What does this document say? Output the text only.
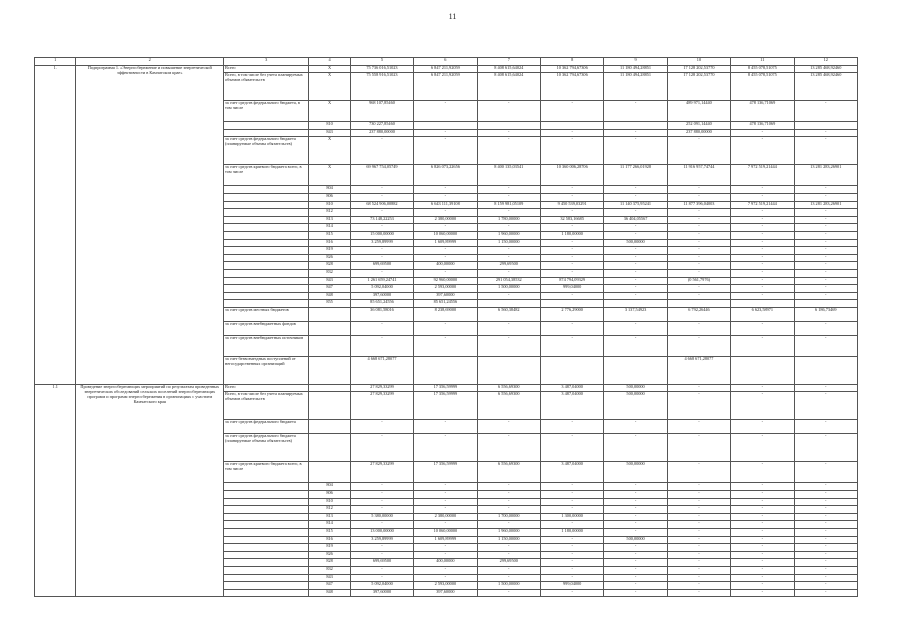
11
1	2	3	4	5	6	7	8	9	10	11	12
1.	Подпрограмма 1. «Энергосбережение и повышение энергетической эффективности в Камчатском крае»	Всего	X	75 736 016,51023	6 847 211,92059	8 408 615,64024	10 362 794,67306	11 180 494,28851	17 128 202,53770	8 455 078,51075	13 285 468,92460
		Всего, в том числе без учета планируемых объемов обязательств	X	75 558 916,51023	6 847 211,92059	8 408 615,64024	10 362 794,67306	11 180 494,28851	17 128 202,53770	8 455 078,51075	13 285 468,92460
		за счет средств федерального бюджета, в том числе	X	968 107,85460	-	-	-	-	489 971,14440	478 136,71069	-
			810	730 227,85460					252 091,14440	478 136,71069	
			843	237 880,00000	-	-	-	-	237 880,00000	-	-
		за счет средств федерального бюджета (планируемые объемы обязательств)	X	-	-	-	-	-	-	-	-
		за счет средств краевого бюджета всего, в том числе	X	69 967 754,05749	6 826 073,22656	8 400 135,03541	10 360 006,28706	11 177 266,01928	11 916 957,74744	7 972 519,21444	13 281 283,26901
			804	-	-	-	-	-	-	-	-
			806	-	-	-	-	-	-	-	-
			810	68 524 906,00882	6 643 111,39108	8 159 981,05109	9 450 539,03291	11 140 375,95241	11 877 396,04003	7 972 519,21444	13 281 283,26901
			812	-	-	-	-	-	-	-	-
			813	73 148,22253	2 380,00000	1 780,00000	32 583,16685	36 404,05567	-	-	-
			814	-	-	-	-	-	-	-	-
			815	15 000,00000	10 060,00000	1 960,00000	1 180,00000	-	-	-	-
			816	3 259,89999	1 609,89999	1 150,00000	-	500,00000	-	-	-
			819	-	-	-	-	-	-	-	-
			826	-	-	-	-	-	-	-	-
			828	699,69500	400,00000	299,69500	-	-	-	-	-
			832	-	-	-	-	-	-	-	-
			843	1 261 659,24741	92 960,00000	291 054,38532	874 794,09329	-	(0 561,7976)	-	-
			847	5 092,04000	2 593,00000	1 500,00000	999,04000	-	-	-	-
			848	397,60000	397,60000	-	-	-	-	-	-
			855	85 651,24556	85 651,24556						
		за счет средств местных бюджетов		36 081,58016	8 238,69000	6 560,38482	2 776,29000	3 137,54923	6 792,26446	6 623,58971	6 186,73469
		за счет средств внебюджетных фондов		-	-	-	-	-	-	-	-
		за счет средств внебюджетных источников		-	-	-	-	-	-	-	-
		за счет безвозмездных поступлений от негосударственных организаций		4 668 671,28077					4 668 671,28077		
1.1	Проведение энергосберегающих мероприятий по результатам проведенных энергетических обследований сельских поселений энергосберегающих программ и программ энергосбережения в организациях с участием Камчатского края	Всего		27 829,33299	17 356,59999	6 556,69300	3 487,04000	500,00000	-	-	-
		Всего, в том числе без учета планируемых объемов обязательств		27 829,33299	17 356,59999	6 556,69300	3 487,04000	500,00000	-	-	-
		за счет средств федерального бюджета		-	-	-	-	-	-	-	-
		за счет средств федерального бюджета (планируемые объемы обязательств)		-	-	-	-	-	-	-	-
		за счет средств краевого бюджета всего, в том числе		27 829,33299	17 356,59999	6 556,69300	3 487,04000	500,00000	-	-	-
			804	-	-	-	-	-	-	-	-
			806	-	-	-	-	-	-	-	-
			810	-	-	-	-	-	-	-	-
			812	-	-	-	-	-	-	-	-
			813	5 380,00000	2 380,00000	1 700,00000	1 300,00000	-	-	-	-
			814	-	-	-	-	-	-	-	-
			815	13 000,00000	10 060,00000	1 960,00000	1 180,00000	-	-	-	-
			816	3 259,89999	1 609,89999	1 150,00000	-	500,00000	-	-	-
			819	-	-	-	-	-	-	-	-
			826	-	-	-	-	-	-	-	-
			828	699,69500	400,00000	299,69500	-	-	-	-	-
			832	-	-	-	-	-	-	-	-
			843	-	-	-	-	-	-	-	-
			847	5 092,04000	2 593,00000	1 500,00000	999,04000	-	-	-	-
			848	397,60000	397,60000	-	-	-	-	-	-
